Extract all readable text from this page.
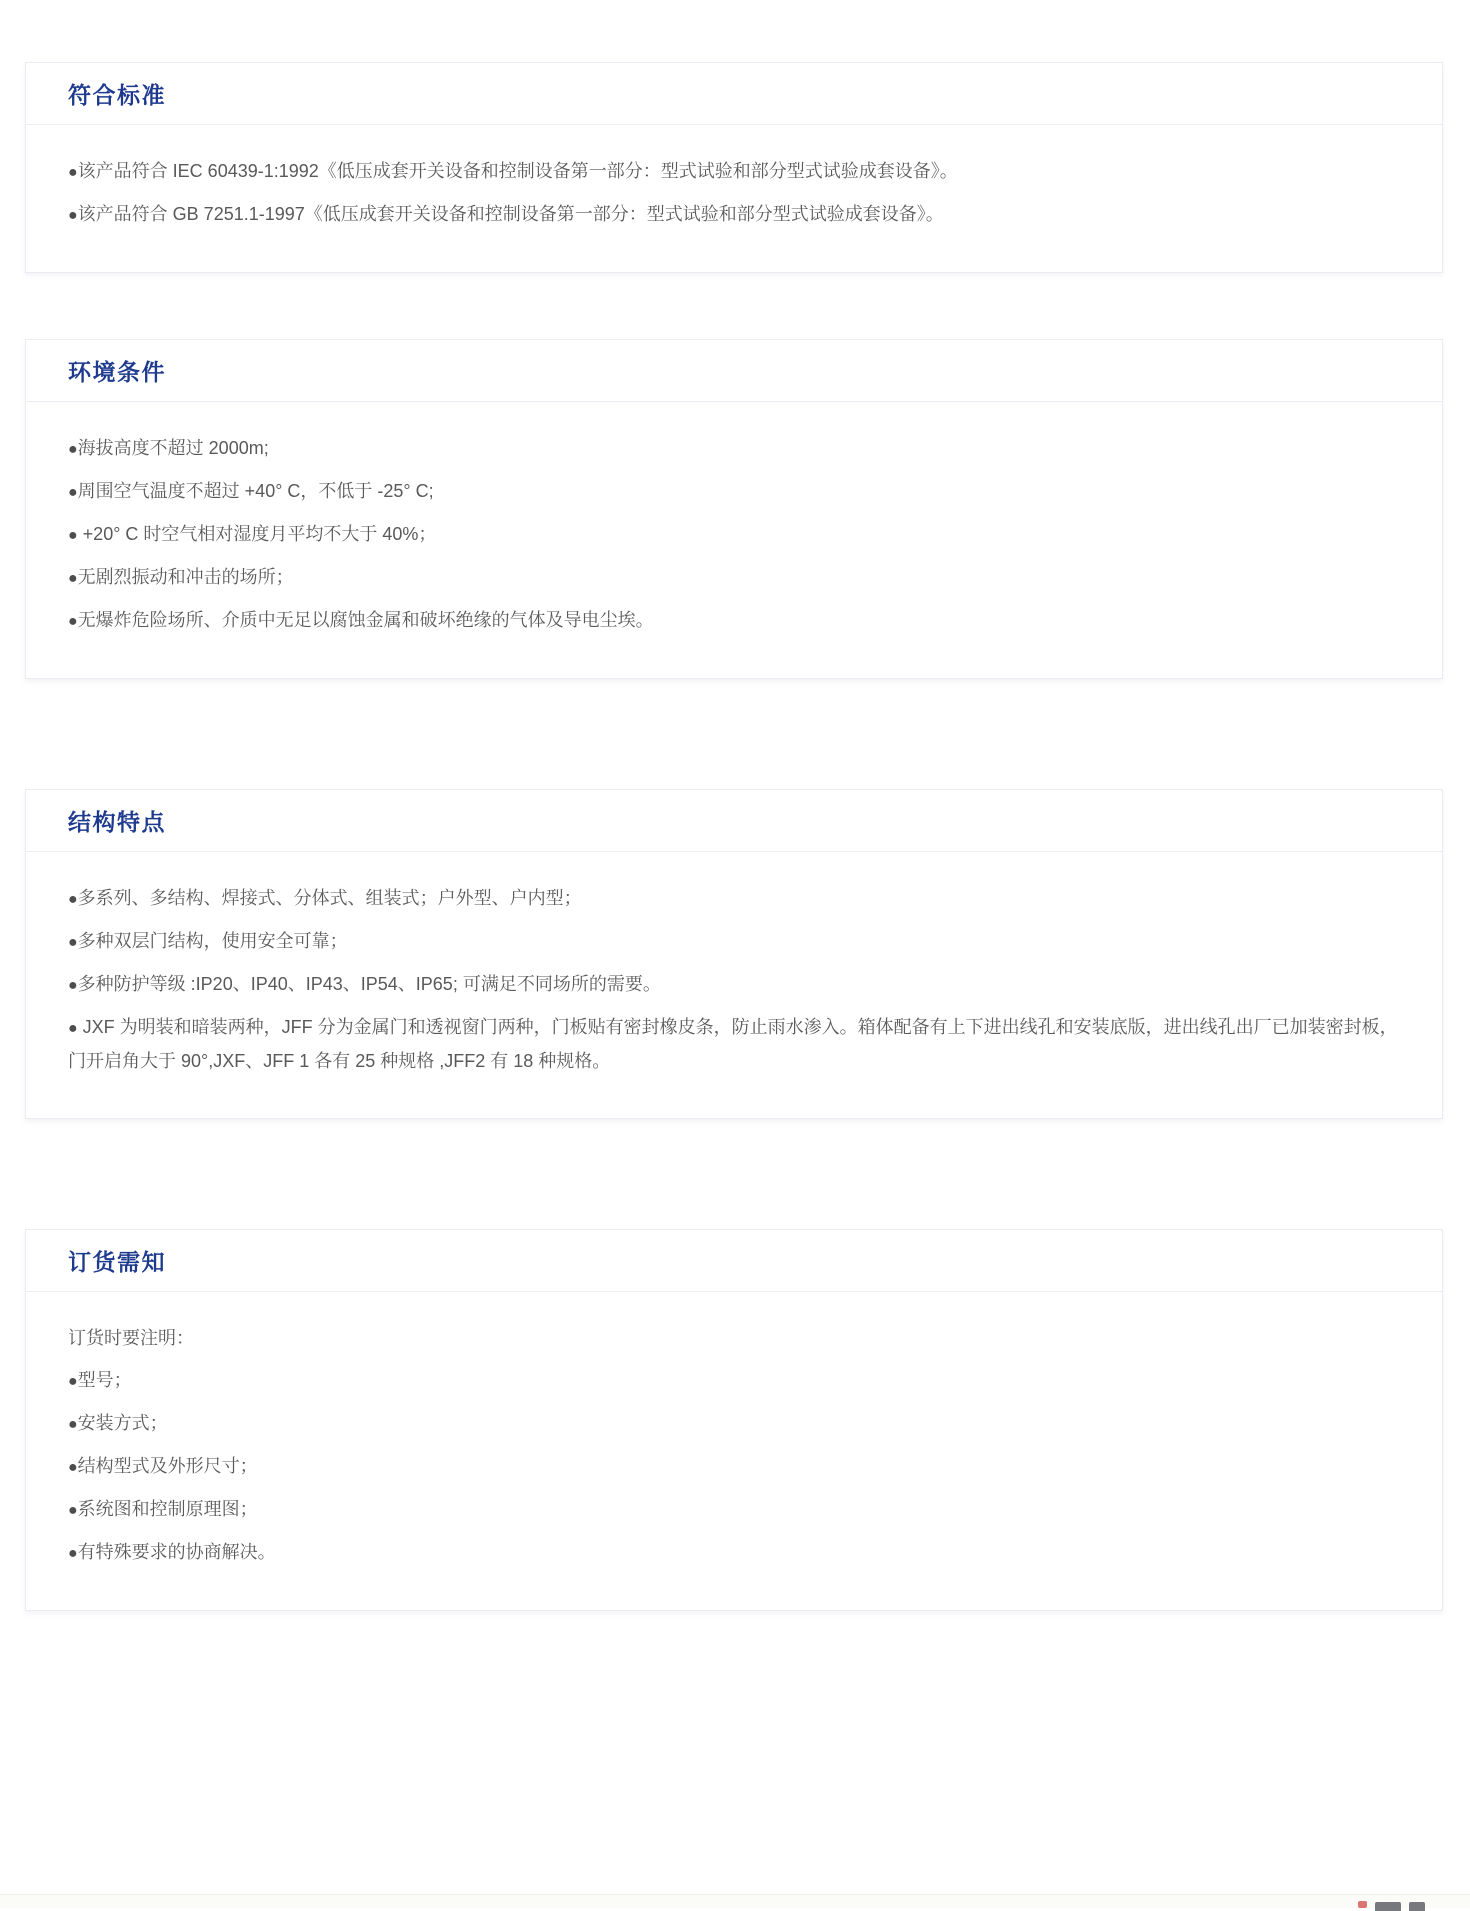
符合标准

●该产品符合 IEC 60439-1:1992《低压成套开关设备和控制设备第一部分：型式试验和部分型式试验成套设备》。

●该产品符合 GB 7251.1-1997《低压成套开关设备和控制设备第一部分：型式试验和部分型式试验成套设备》。

环境条件

●海拔高度不超过 2000m;

●周围空气温度不超过 +40° C，不低于 -25° C;

● +20° C 时空气相对湿度月平均不大于 40%；

●无剧烈振动和冲击的场所；

●无爆炸危险场所、介质中无足以腐蚀金属和破坏绝缘的气体及导电尘埃。

结构特点

●多系列、多结构、焊接式、分体式、组装式；户外型、户内型；

●多种双层门结构，使用安全可靠；

●多种防护等级 :IP20、IP40、IP43、IP54、IP65; 可满足不同场所的需要。

● JXF 为明装和暗装两种，JFF 分为金属门和透视窗门两种，门板贴有密封橡皮条，防止雨水渗入。箱体配备有上下进出线孔和安装底版，进出线孔出厂已加装密封板，门开启角大于 90°,JXF、JFF 1 各有 25 种规格 ,JFF2 有 18 种规格。

订货需知

订货时要注明：

●型号；

●安装方式；

●结构型式及外形尺寸；

●系统图和控制原理图；

●有特殊要求的协商解决。
